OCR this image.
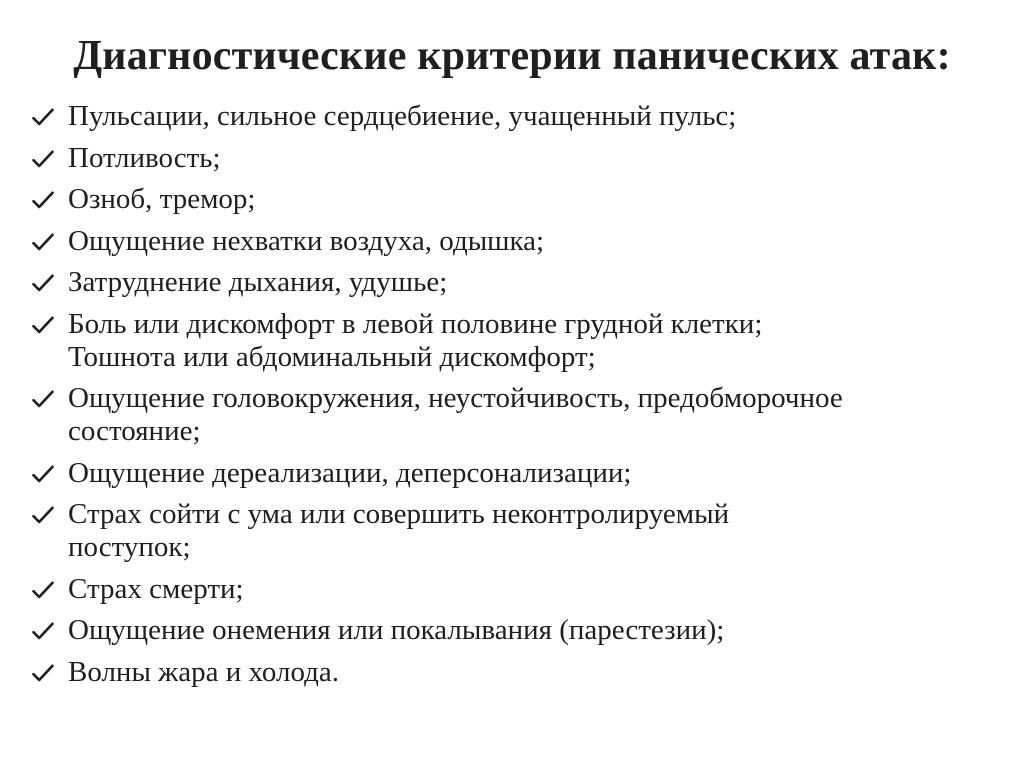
Диагностические критерии панических атак:
Пульсации, сильное сердцебиение, учащенный пульс;
Потливость;
Озноб, тремор;
Ощущение нехватки воздуха, одышка;
Затруднение дыхания, удушье;
Боль или дискомфорт в левой половине грудной клетки;
Тошнота или абдоминальный дискомфорт;
Ощущение головокружения, неустойчивость, предобморочное
состояние;
Ощущение дереализации, деперсонализации;
Страх сойти с ума или совершить неконтролируемый
поступок;
Страх смерти;
Ощущение онемения или покалывания (парестезии);
Волны жара и холода.
